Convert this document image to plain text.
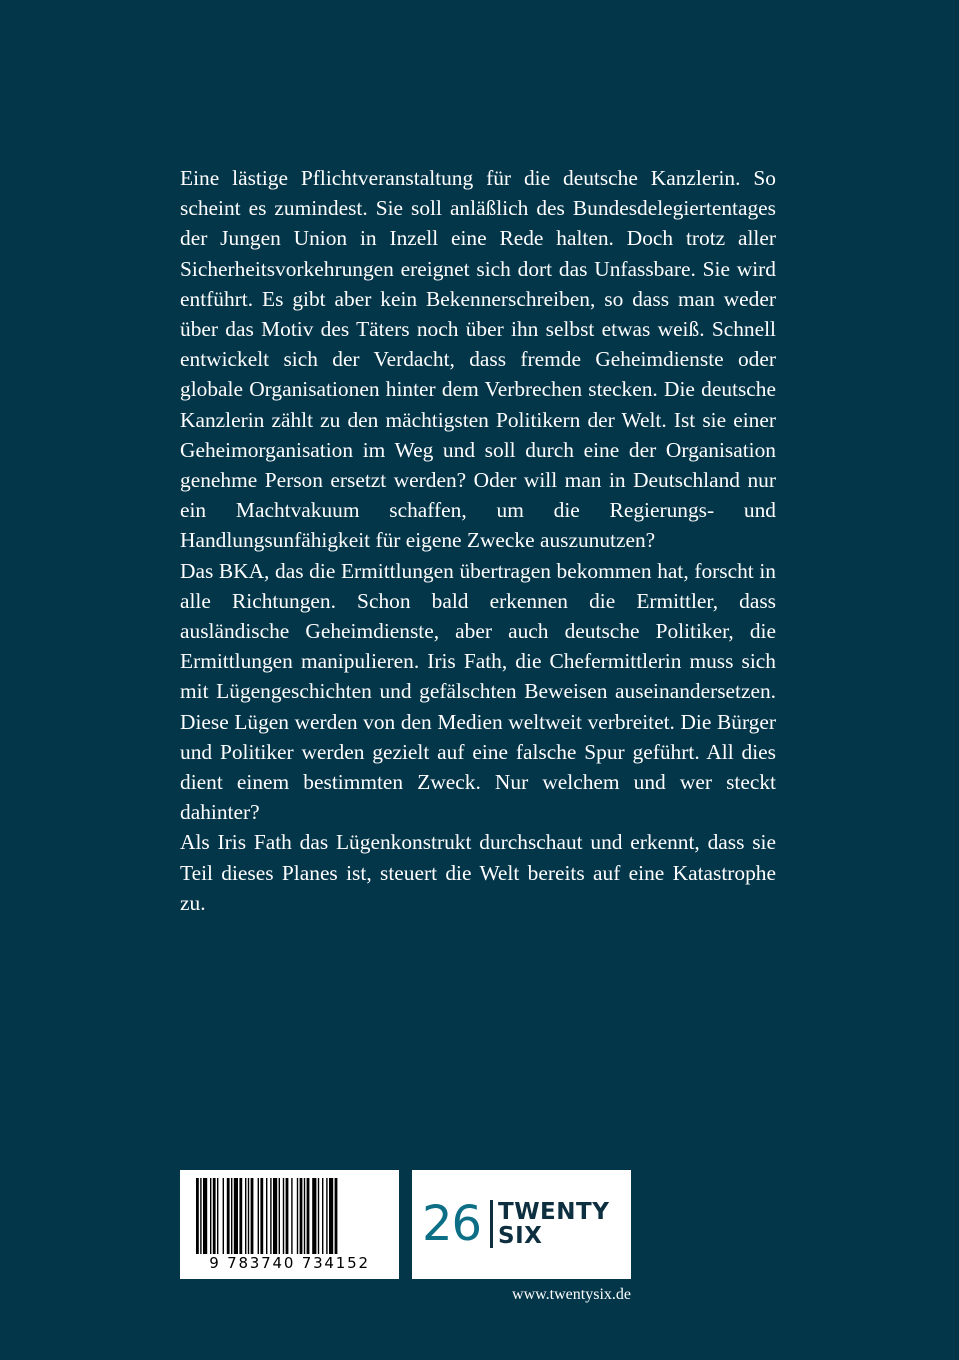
Eine lästige Pflichtveranstaltung für die deutsche Kanzlerin. So scheint es zumindest. Sie soll anläßlich des Bundesdelegiertentages der Jungen Union in Inzell eine Rede halten. Doch trotz aller Sicherheitsvorkehrungen ereignet sich dort das Unfassbare. Sie wird entführt. Es gibt aber kein Bekennerschreiben, so dass man weder über das Motiv des Täters noch über ihn selbst etwas weiß. Schnell entwickelt sich der Verdacht, dass fremde Geheimdienste oder globale Organisationen hinter dem Verbrechen stecken. Die deutsche Kanzlerin zählt zu den mächtigsten Politikern der Welt. Ist sie einer Geheimorganisation im Weg und soll durch eine der Organisation genehme Person ersetzt werden? Oder will man in Deutschland nur ein Machtvakuum schaffen, um die Regierungs- und Handlungsunfähigkeit für eigene Zwecke auszunutzen?

Das BKA, das die Ermittlungen übertragen bekommen hat, forscht in alle Richtungen. Schon bald erkennen die Ermittler, dass ausländische Geheimdienste, aber auch deutsche Politiker, die Ermittlungen manipulieren. Iris Fath, die Chefermittlerin muss sich mit Lügengeschichten und gefälschten Beweisen auseinandersetzen. Diese Lügen werden von den Medien weltweit verbreitet. Die Bürger und Politiker werden gezielt auf eine falsche Spur geführt. All dies dient einem bestimmten Zweck. Nur welchem und wer steckt dahinter?

Als Iris Fath das Lügenkonstrukt durchschaut und erkennt, dass sie Teil dieses Planes ist, steuert die Welt bereits auf eine Katastrophe zu.

9 783740 734152
26 TWENTY
SIX
www.twentysix.de
